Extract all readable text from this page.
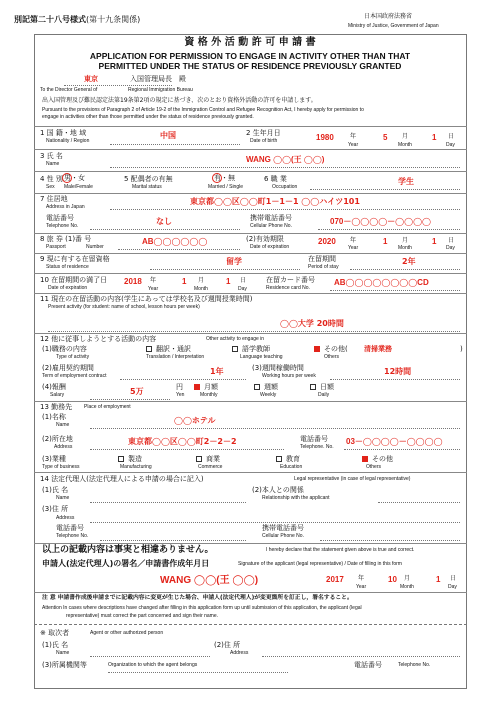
別記第二十八号様式(第十九条関係)	日本国政府法務省
Ministry of Justice, Government of Japan
資 格 外 活 動 許 可 申 請 書
APPLICATION FOR PERMISSION TO ENGAGE IN ACTIVITY OTHER THAN THAT
PERMITTED UNDER THE STATUS OF RESIDENCE PREVIOUSLY GRANTED
東京	入国管理局長　殿
To the Director General of	Regional Immigration Bureau
出入国管理及び難民認定法第19条第2項の規定に基づき、次のとおり資格外活動の許可を申請します。
Pursuant to the provisions of Paragraph 2 of Article 19-2 of the Immigration Control and Refugee Recognition Act, I hereby apply for permission to
engage in activities other than those permitted under the status of residence previously granted.
1 国 籍・地 域
Nationality / Region
中国	2 生年月日
Date of birth	1980	年
Year
5 月
Month
1 日
Day
3 氏 名
Name	WANG ◯◯(王 ◯◯)
4 性 別
Sex
男・女
Male/Female
5 配偶者の有無
Marital status
有・無
Married / Single
6 職 業
Occupation
学生
7 住居地
Address in Japan
東京都◯◯区◯◯町1－1－1 ◯◯ハイツ101
電話番号
Telephone No.	なし	携帯電話番号
Cellular Phone No.	070－◯◯◯◯－◯◯◯◯
8 旅 券 (1)番 号
Passport	Number
AB◯◯◯◯◯◯	(2)有効期限
Date of expiration
2020 年
Year
1 月
Month
1 日
Day
9 現に有する在留資格
Status of residence
留学	在留期間
Period of stay
2年
10 在留期間の満了日
Date of expiration
2018 年
Year
1 月
Month
1 日
Day
在留カード番号
Residence card No.
AB◯◯◯◯◯◯◯◯CD
11 現在の在留活動の内容(学生にあっては学校名及び週間授業時間)
Present activity (for student: name of school, lesson hours per week)
◯◯大学 20時間
12 他に従事しようとする活動の内容	Other activity to engage in
(1)職務の内容
Type of activity
翻訳・通訳
Translation / Interpretation
語学教師
Language teaching
その他( 清掃業務	)
Others
(2)雇用契約期間
Term of employment contract	1年	(3)週間稼働時間
Working hours per week	12時間
(4)報酬
Salary	5万	円
Yen
月額
Monthly
週額
Weekly
日額
Daily
13 勤務先 Place of employment
(1)名称
Name	◯◯ホテル
(2)所在地
Address
東京都◯◯区◯◯町2－2－2	電話番号
Telephone. No.
03－◯◯◯◯－◯◯◯◯
(3)業種
Type of business
製造
Manufacturing
商業
Commerce
教育
Education
その他
Others
14 法定代理人(法定代理人による申請の場合に記入)	Legal representative (in case of legal representative)
(1)氏 名
Name
(2)本人との関係
Relationship with the applicant
(3)住 所
Address
電話番号
Telephone No.
携帯電話番号
Cellular Phone No.
以上の記載内容は事実と相違ありません。	I hereby declare that the statement given above is true and correct.
申請人(法定代理人)の署名／申請書作成年月日	Signature of the applicant (legal representative) / Date of filling in this form
WANG ◯◯(王 ◯◯)	2017 年
Year
10 月
Month
1 日
Day
注 意 申請書作成後申請までに記載内容に変更が生じた場合、申請人(法定代理人)が変更箇所を訂正し，署名すること。
Attention In cases where descriptions have changed after filling in this application form up until submission of this application, the applicant (legal
representative) must correct the part concerned and sign their name.
※ 取次者	Agent or other authorized person
(1)氏 名
Name
(2)住 所
Address
(3)所属機関等	Organization to which the agent belongs	電話番号	Telephone No.
